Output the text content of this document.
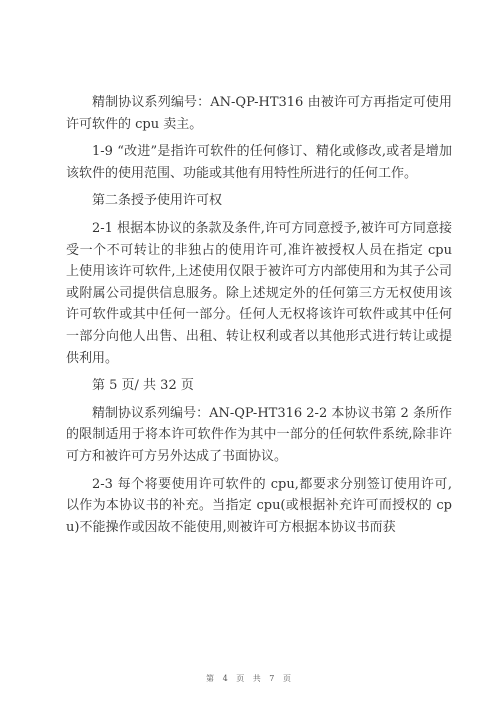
精制协议系列编号：AN-QP-HT316 由被许可方再指定可使用许可软件的 cpu 卖主。

1-9 “改进”是指许可软件的任何修订、精化或修改,或者是增加该软件的使用范围、功能或其他有用特性所进行的任何工作。

第二条授予使用许可权

2-1 根据本协议的条款及条件,许可方同意授予,被许可方同意接受一个不可转让的非独占的使用许可,准许被授权人员在指定 cpu 上使用该许可软件,上述使用仅限于被许可方内部使用和为其子公司或附属公司提供信息服务。除上述规定外的任何第三方无权使用该许可软件或其中任何一部分。任何人无权将该许可软件或其中任何一部分向他人出售、出租、转让权利或者以其他形式进行转让或提供利用。

第 5 页/ 共 32 页

精制协议系列编号：AN-QP-HT316 2-2 本协议书第 2 条所作的限制适用于将本许可软件作为其中一部分的任何软件系统,除非许可方和被许可方另外达成了书面协议。

2-3 每个将要使用许可软件的 cpu,都要求分别签订使用许可,以作为本协议书的补充。当指定 cpu(或根据补充许可而授权的 cpu)不能操作或因故不能使用,则被许可方根据本协议书而获

第 4 页 共 7 页
